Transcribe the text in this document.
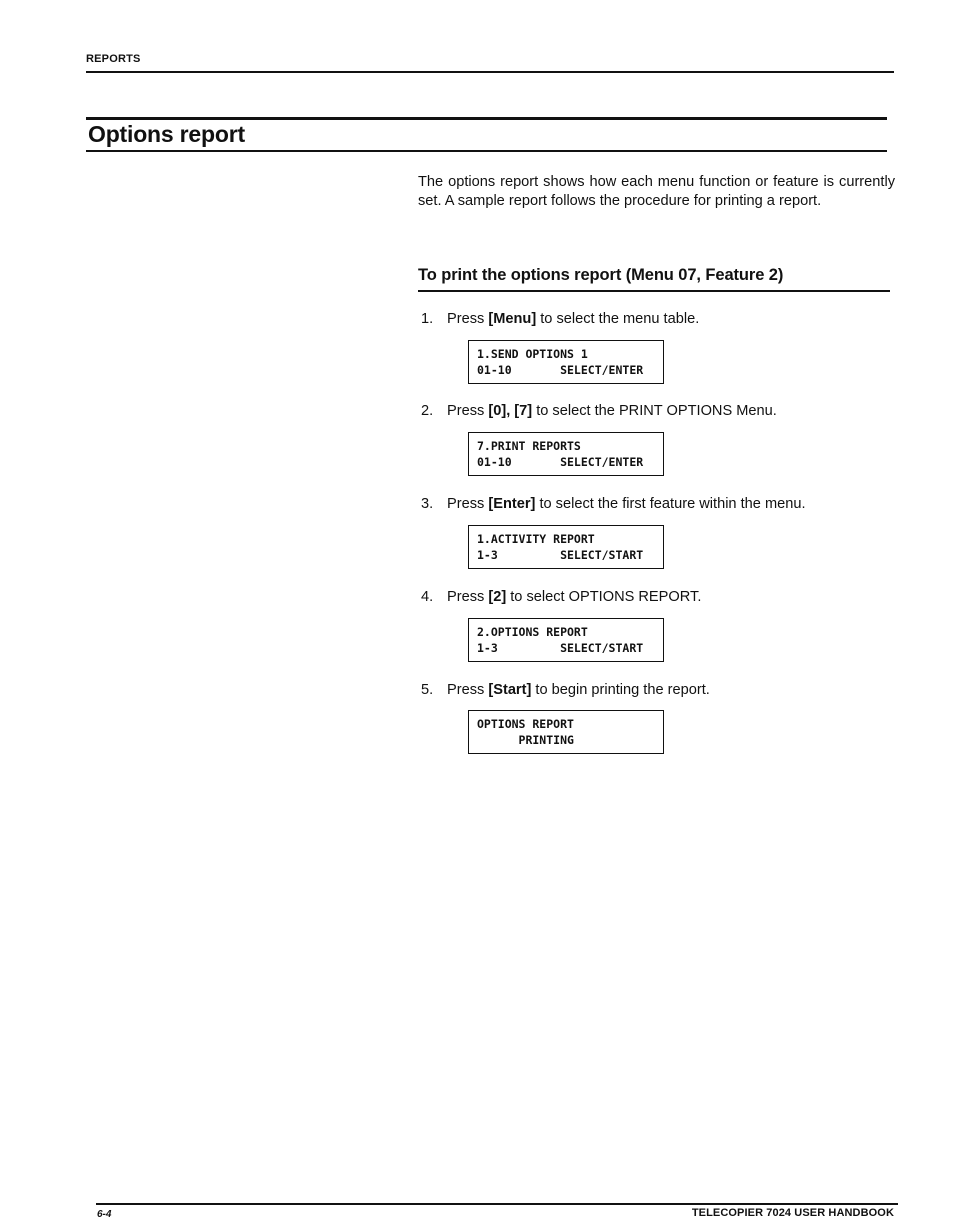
REPORTS
Options report
The options report shows how each menu function or feature is currently set. A sample report follows the procedure for printing a report.
To print the options report (Menu 07, Feature 2)
1. Press [Menu] to select the menu table.
1.SEND OPTIONS 1
01-10       SELECT/ENTER
2. Press [0], [7] to select the PRINT OPTIONS Menu.
7.PRINT REPORTS
01-10       SELECT/ENTER
3. Press [Enter] to select the first feature within the menu.
1.ACTIVITY REPORT
1-3         SELECT/START
4. Press [2] to select OPTIONS REPORT.
2.OPTIONS REPORT
1-3         SELECT/START
5. Press [Start] to begin printing the report.
OPTIONS REPORT
PRINTING
6-4	TELECOPIER 7024 USER HANDBOOK
